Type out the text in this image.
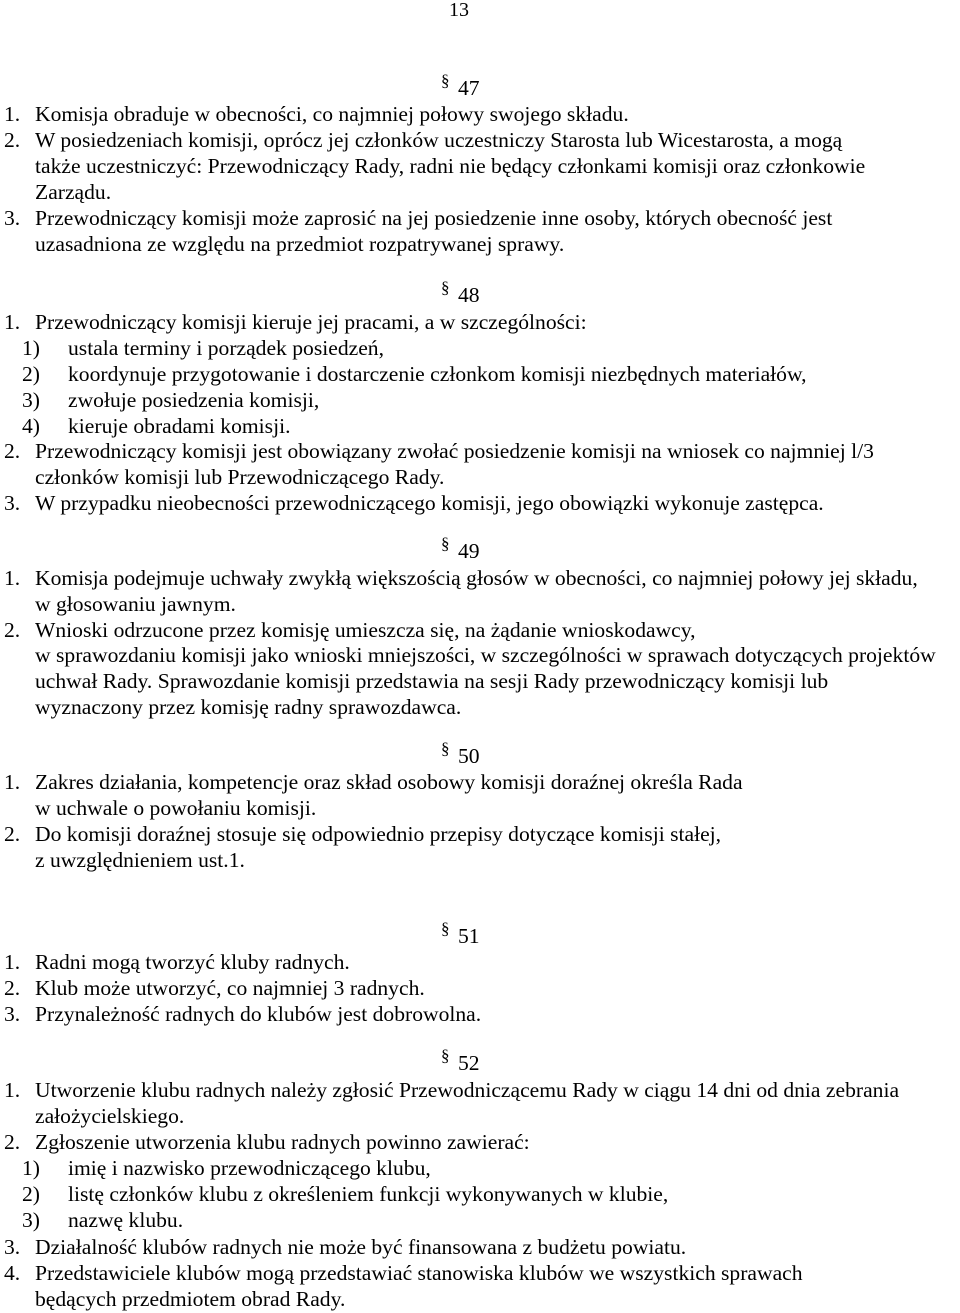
13
§ 47
1. Komisja obraduje w obecności, co najmniej połowy swojego składu.
2. W posiedzeniach komisji, oprócz jej członków uczestniczy Starosta lub Wicestarosta, a mogą
także uczestniczyć: Przewodniczący Rady, radni nie będący członkami komisji oraz członkowie
Zarządu.
3. Przewodniczący komisji może zaprosić na jej posiedzenie inne osoby, których obecność jest
uzasadniona ze względu na przedmiot rozpatrywanej sprawy.
§ 48
1. Przewodniczący komisji kieruje jej pracami, a w szczególności:
1) ustala terminy i porządek posiedzeń,
2) koordynuje przygotowanie i dostarczenie członkom komisji niezbędnych materiałów,
3) zwołuje posiedzenia komisji,
4) kieruje obradami komisji.
2. Przewodniczący komisji jest obowiązany zwołać posiedzenie komisji na wniosek co najmniej l/3
członków komisji lub Przewodniczącego Rady.
3. W przypadku nieobecności przewodniczącego komisji, jego obowiązki wykonuje zastępca.
§ 49
1. Komisja podejmuje uchwały zwykłą większością głosów w obecności, co najmniej połowy jej składu,
w głosowaniu jawnym.
2. Wnioski odrzucone przez komisję umieszcza się, na żądanie wnioskodawcy,
w sprawozdaniu komisji jako wnioski mniejszości, w szczególności w sprawach dotyczących projektów
uchwał Rady. Sprawozdanie komisji przedstawia na sesji Rady przewodniczący komisji lub
wyznaczony przez komisję radny sprawozdawca.
§ 50
1. Zakres działania, kompetencje oraz skład osobowy komisji doraźnej określa Rada
w uchwale o powołaniu komisji.
2. Do komisji doraźnej stosuje się odpowiednio przepisy dotyczące komisji stałej,
z uwzględnieniem ust.1.
§ 51
1. Radni mogą tworzyć kluby radnych.
2. Klub może utworzyć, co najmniej 3 radnych.
3. Przynależność radnych do klubów jest dobrowolna.
§ 52
1. Utworzenie klubu radnych należy zgłosić Przewodniczącemu Rady w ciągu 14 dni od dnia zebrania
założycielskiego.
2. Zgłoszenie utworzenia klubu radnych powinno zawierać:
1) imię i nazwisko przewodniczącego klubu,
2) listę członków klubu z określeniem funkcji wykonywanych w klubie,
3) nazwę klubu.
3. Działalność klubów radnych nie może być finansowana z budżetu powiatu.
4. Przedstawiciele klubów mogą przedstawiać stanowiska klubów we wszystkich sprawach
będących przedmiotem obrad Rady.
